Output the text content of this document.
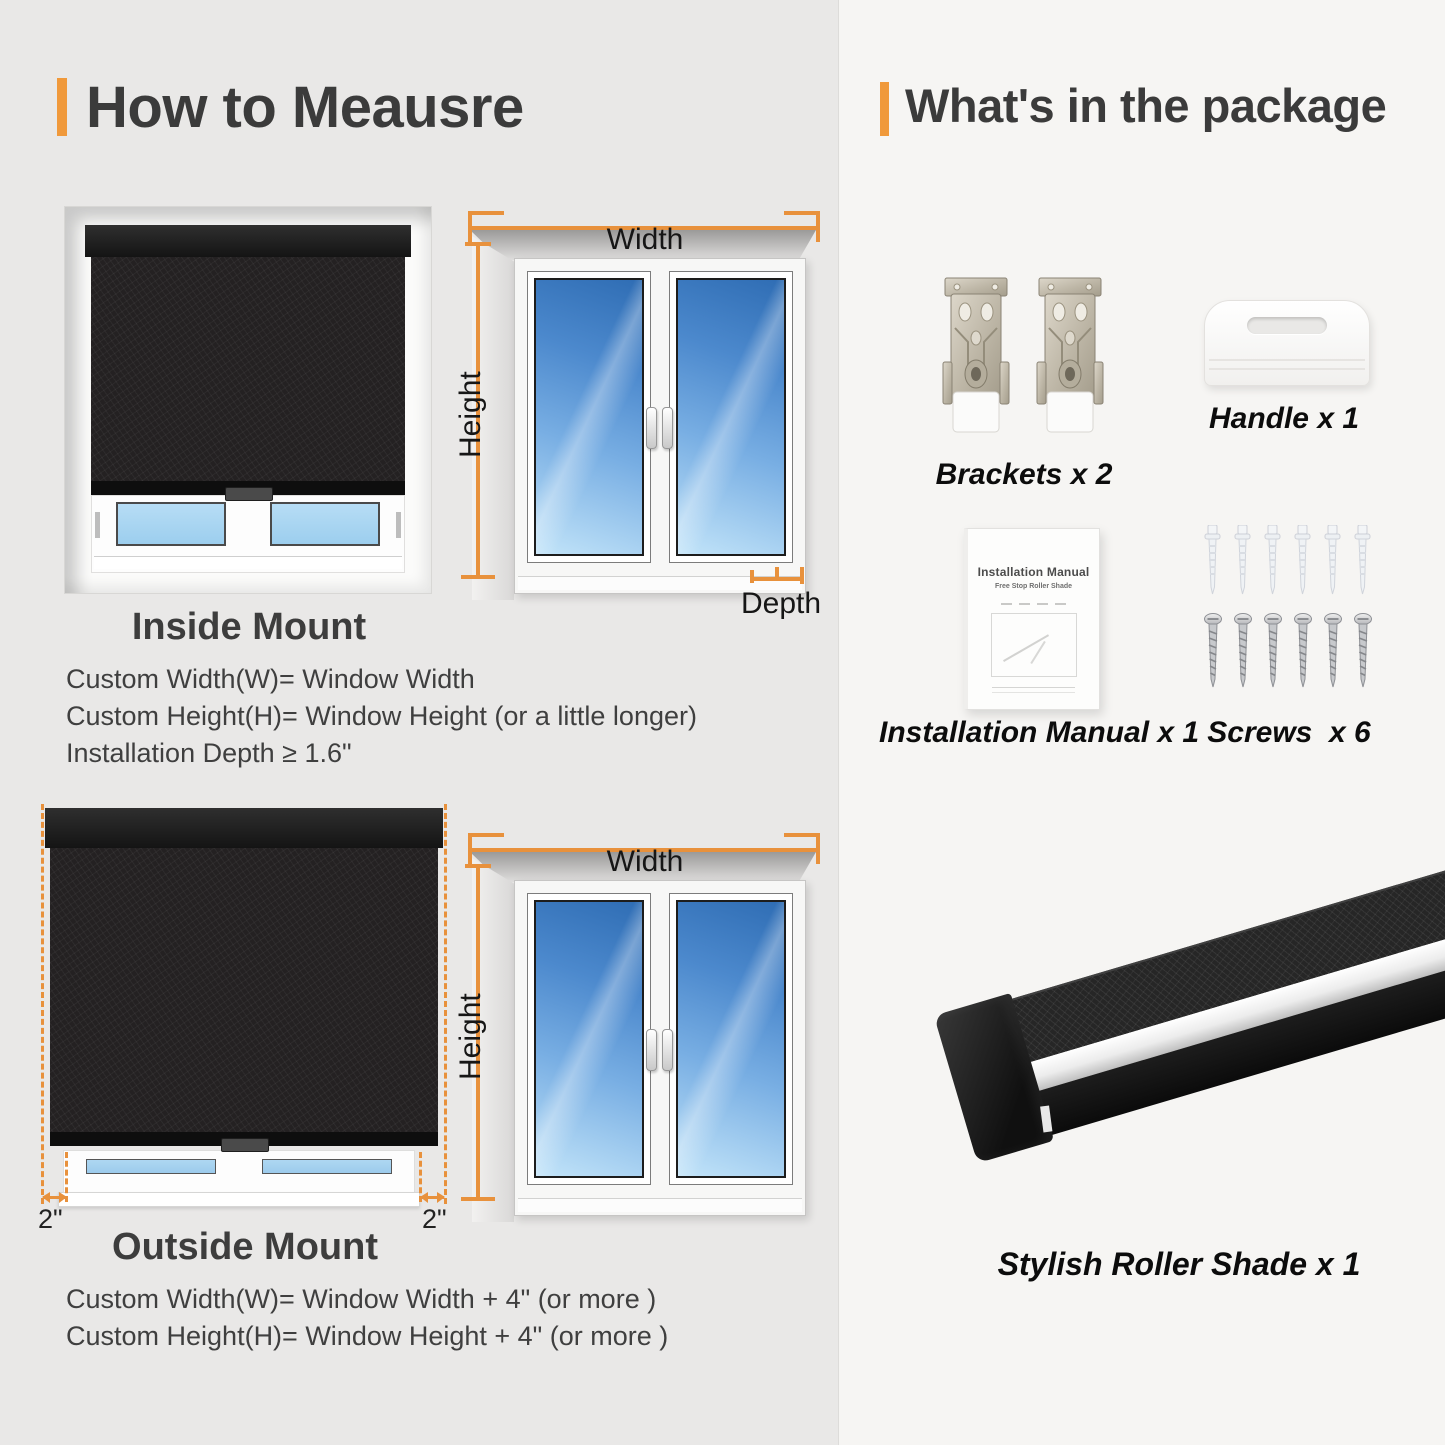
How to Meausre
Width
Height
Depth
Inside Mount

Custom Width(W)= Window Width

Custom Height(H)= Window Height (or a little longer)

Installation Depth ≥ 1.6"

2"	2"
Width
Height
Outside Mount

Custom Width(W)= Window Width + 4" (or more )

Custom Height(H)= Window Height + 4" (or more )

What's in the package
Brackets x 2
Handle x 1
Installation Manual
Free Stop Roller Shade
Installation Manual x 1 Screws  x 6
Stylish Roller Shade x 1
